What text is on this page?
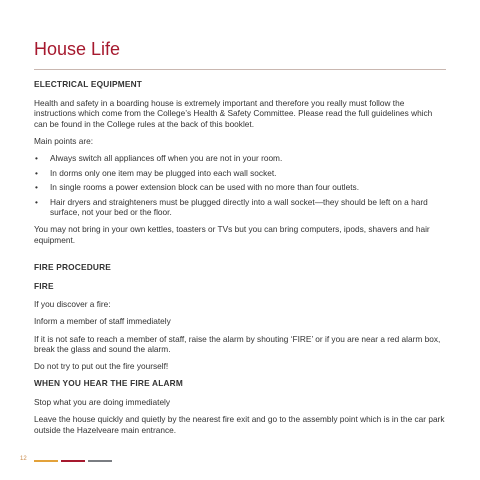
House Life
ELECTRICAL EQUIPMENT

Health and safety in a boarding house is extremely important and therefore you really must follow the instructions which come from the College’s Health & Safety Committee. Please read the full guidelines which can be found in the College rules at the back of this booklet.

Main points are:

• Always switch all appliances off when you are not in your room.
• In dorms only one item may be plugged into each wall socket.
• In single rooms a power extension block can be used with no more than four outlets.
• Hair dryers and straighteners must be plugged directly into a wall socket—they should be left on a hard surface, not your bed or the floor.

You may not bring in your own kettles, toasters or TVs but you can bring computers, ipods, shavers and hair equipment.

FIRE PROCEDURE
FIRE

If you discover a fire:

Inform a member of staff immediately

If it is not safe to reach a member of staff, raise the alarm by shouting ‘FIRE’ or if you are near a red alarm box, break the glass and sound the alarm.

Do not try to put out the fire yourself!

WHEN YOU HEAR THE FIRE ALARM

Stop what you are doing immediately

Leave the house quickly and quietly by the nearest fire exit and go to the assembly point which is in the car park outside the Hazelveare main entrance.

12
